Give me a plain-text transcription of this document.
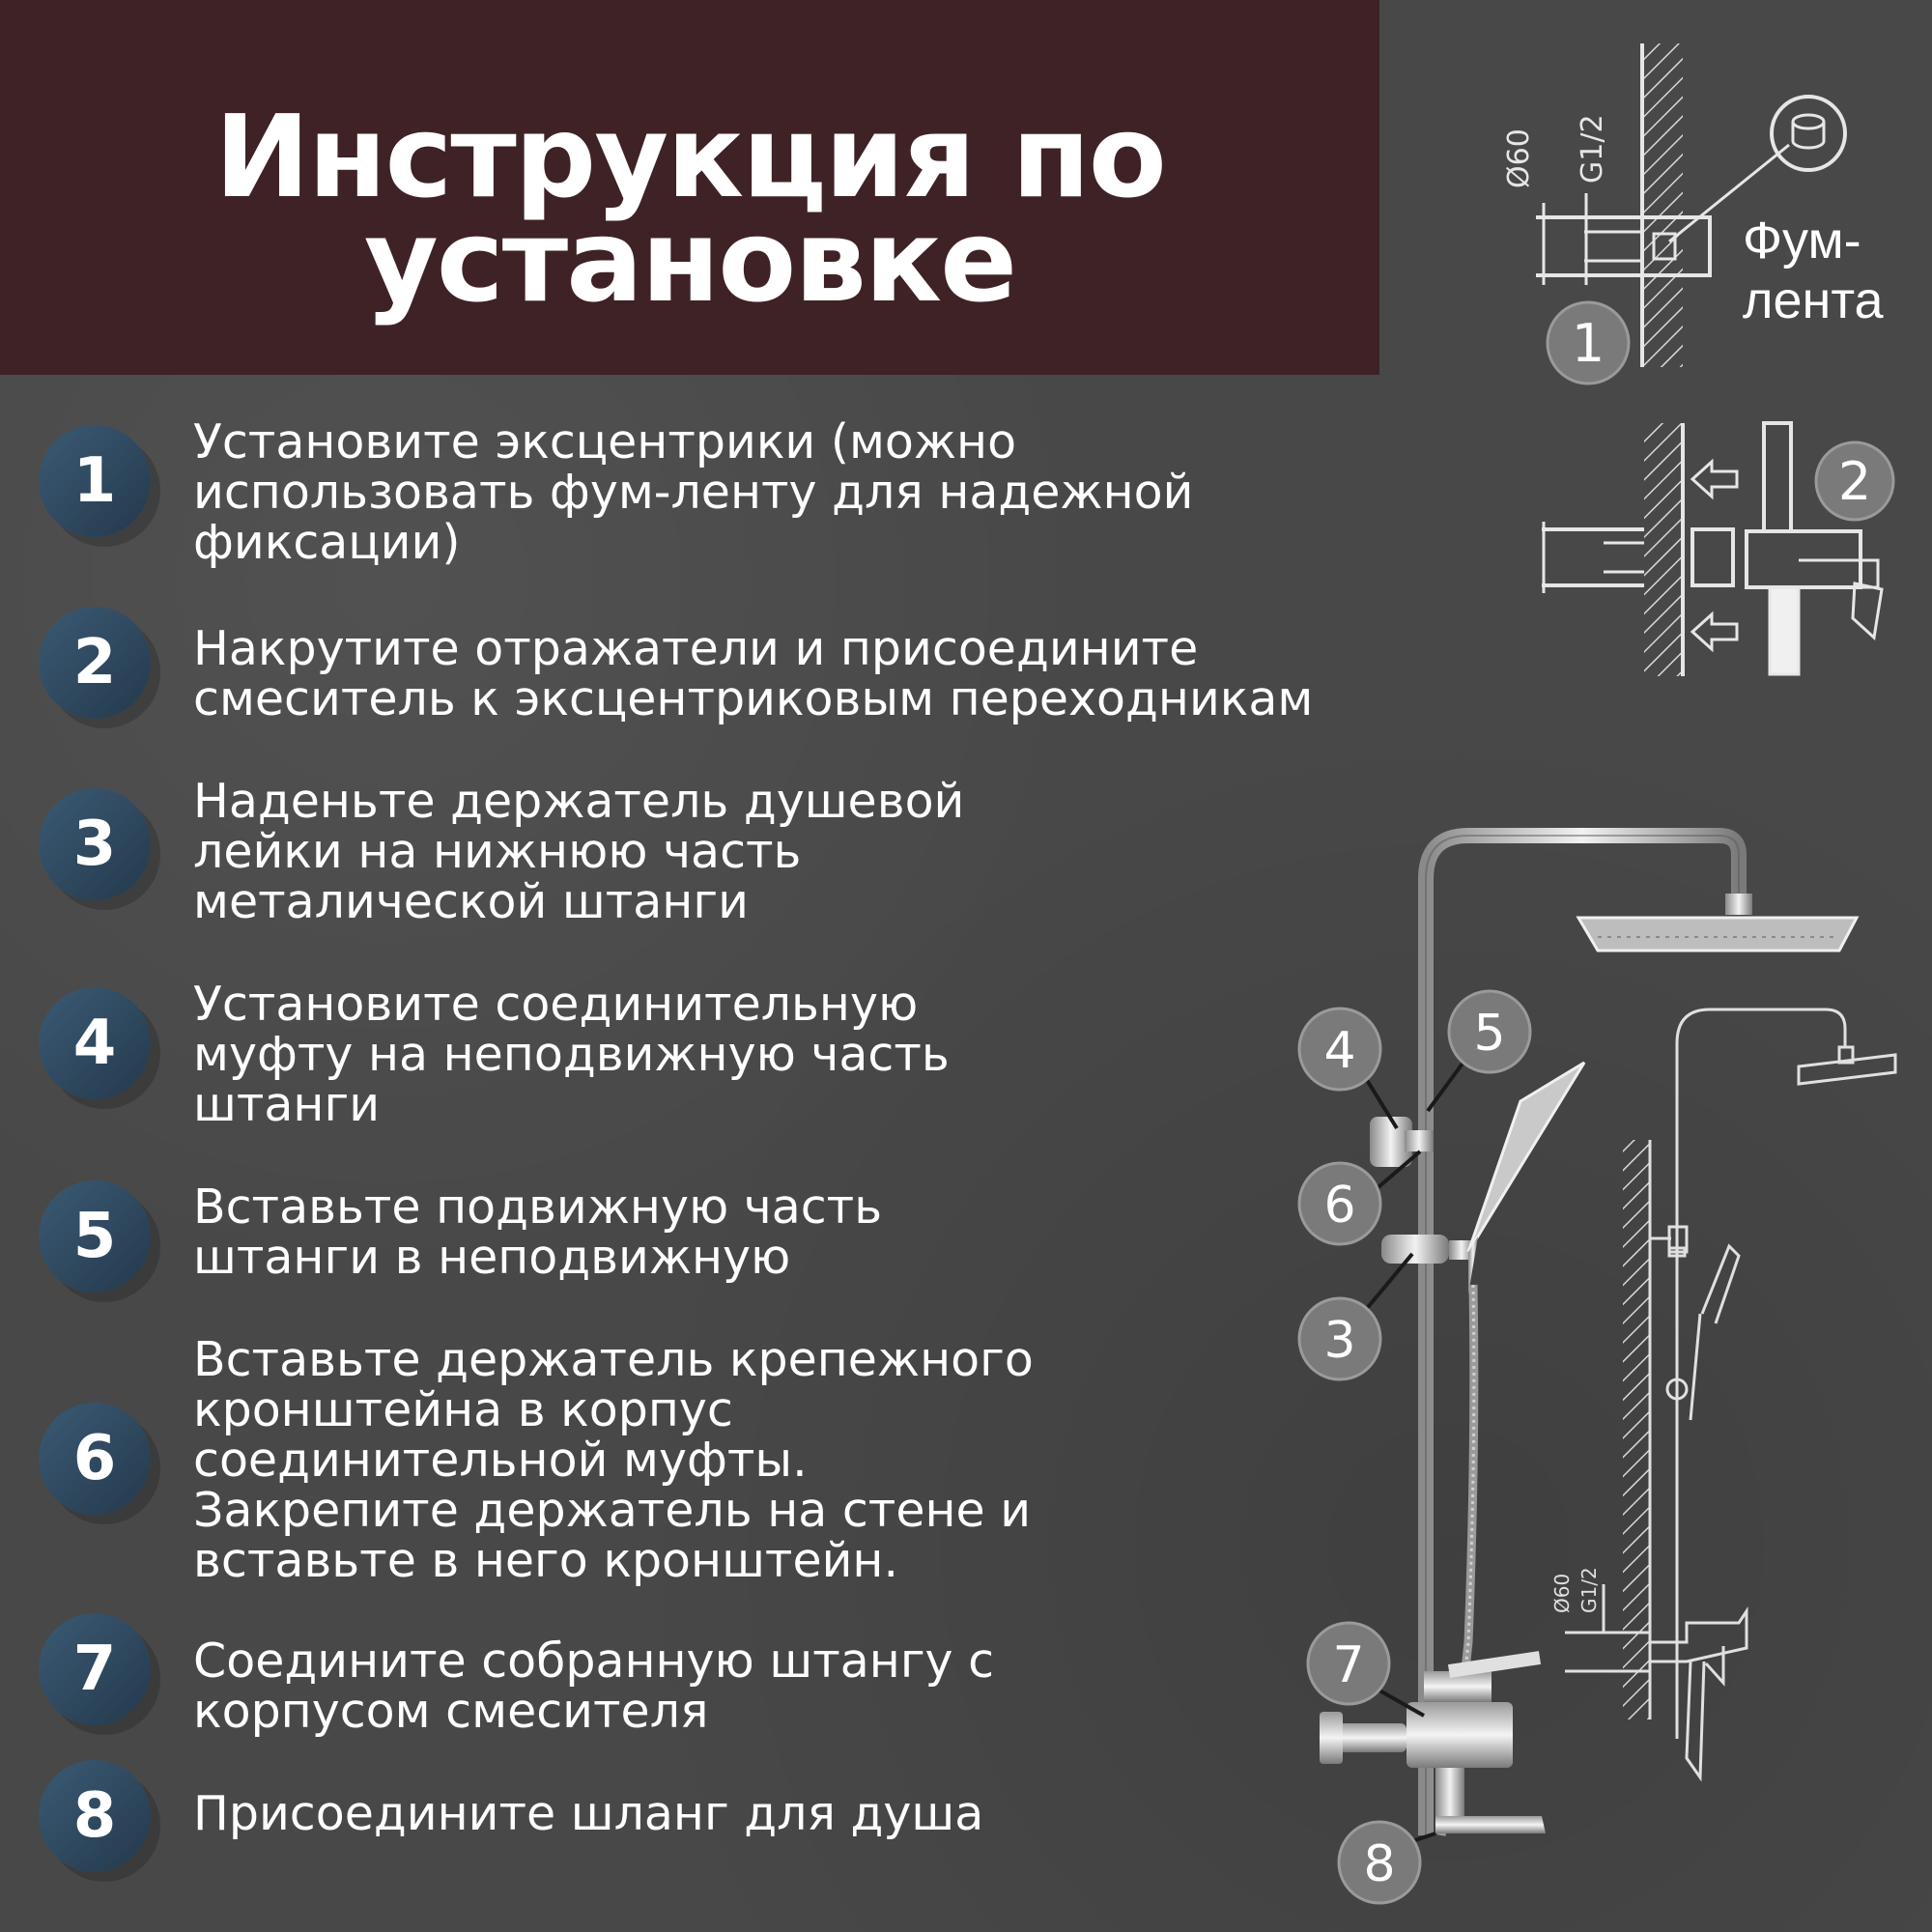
Инструкция по
установке
1
Установите эксцентрики (можно
использовать фум-ленту для надежной
фиксации)
2	Накрутите отражатели и присоедините
смеситель к эксцентриковым переходникам
3
Наденьте держатель душевой
лейки на нижнюю часть
металической штанги
4
Установите соединительную
муфту на неподвижную часть
штанги
5	Вставьте подвижную часть
штанги в неподвижную
6
Вставьте держатель крепежного
кронштейна в корпус
соединительной муфты.
Закрепите держатель на стене и
вставьте в него кронштейн.
7	Соедините собранную штангу с
корпусом смесителя
8	Присоедините шланг для душа
1
Ø60 G1/2
2
4 5
6
3
7
8
Ø60 G1/2
Фум-
лента
